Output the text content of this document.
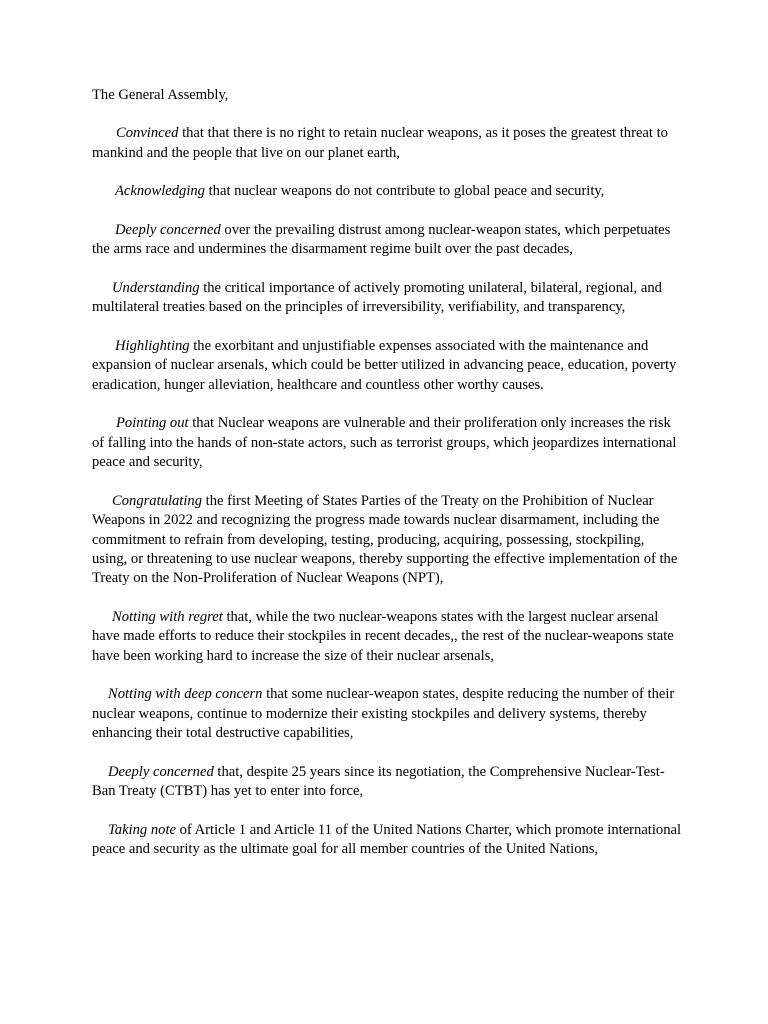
The General Assembly,

Convinced that that there is no right to retain nuclear weapons, as it poses the greatest threat to mankind and the people that live on our planet earth,

Acknowledging that nuclear weapons do not contribute to global peace and security,

Deeply concerned over the prevailing distrust among nuclear-weapon states, which perpetuates the arms race and undermines the disarmament regime built over the past decades,

Understanding the critical importance of actively promoting unilateral, bilateral, regional, and multilateral treaties based on the principles of irreversibility, verifiability, and transparency,

Highlighting the exorbitant and unjustifiable expenses associated with the maintenance and expansion of nuclear arsenals, which could be better utilized in advancing peace, education, poverty eradication, hunger alleviation, healthcare and countless other worthy causes.

Pointing out that Nuclear weapons are vulnerable and their proliferation only increases the risk of falling into the hands of non-state actors, such as terrorist groups, which jeopardizes international peace and security,

Congratulating the first Meeting of States Parties of the Treaty on the Prohibition of Nuclear Weapons in 2022 and recognizing the progress made towards nuclear disarmament, including the commitment to refrain from developing, testing, producing, acquiring, possessing, stockpiling, using, or threatening to use nuclear weapons, thereby supporting the effective implementation of the Treaty on the Non-Proliferation of Nuclear Weapons (NPT),

Notting with regret that, while the two nuclear-weapons states with the largest nuclear arsenal have made efforts to reduce their stockpiles in recent decades,, the rest of the nuclear-weapons state have been working hard to increase the size of their nuclear arsenals,

Notting with deep concern that some nuclear-weapon states, despite reducing the number of their nuclear weapons, continue to modernize their existing stockpiles and delivery systems, thereby enhancing their total destructive capabilities,

Deeply concerned that, despite 25 years since its negotiation, the Comprehensive Nuclear-Test-Ban Treaty (CTBT) has yet to enter into force,

Taking note of Article 1 and Article 11 of the United Nations Charter, which promote international peace and security as the ultimate goal for all member countries of the United Nations,
